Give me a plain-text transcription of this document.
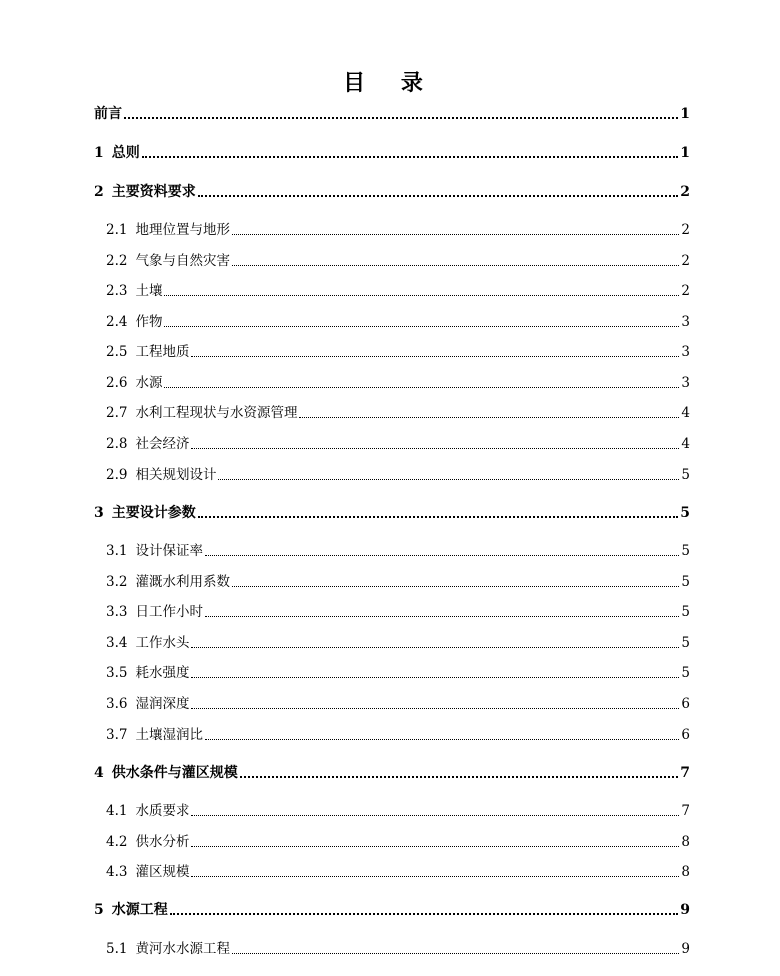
目 录
前言	1
1 总则	1
2 主要资料要求	2
2.1 地理位置与地形	2
2.2 气象与自然灾害	2
2.3 土壤	2
2.4 作物	3
2.5 工程地质	3
2.6 水源	3
2.7 水利工程现状与水资源管理	4
2.8 社会经济	4
2.9 相关规划设计	5
3 主要设计参数	5
3.1 设计保证率	5
3.2 灌溉水利用系数	5
3.3 日工作小时	5
3.4 工作水头	5
3.5 耗水强度	5
3.6 湿润深度	6
3.7 土壤湿润比	6
4 供水条件与灌区规模	7
4.1 水质要求	7
4.2 供水分析	8
4.3 灌区规模	8
5 水源工程	9
5.1 黄河水水源工程	9
